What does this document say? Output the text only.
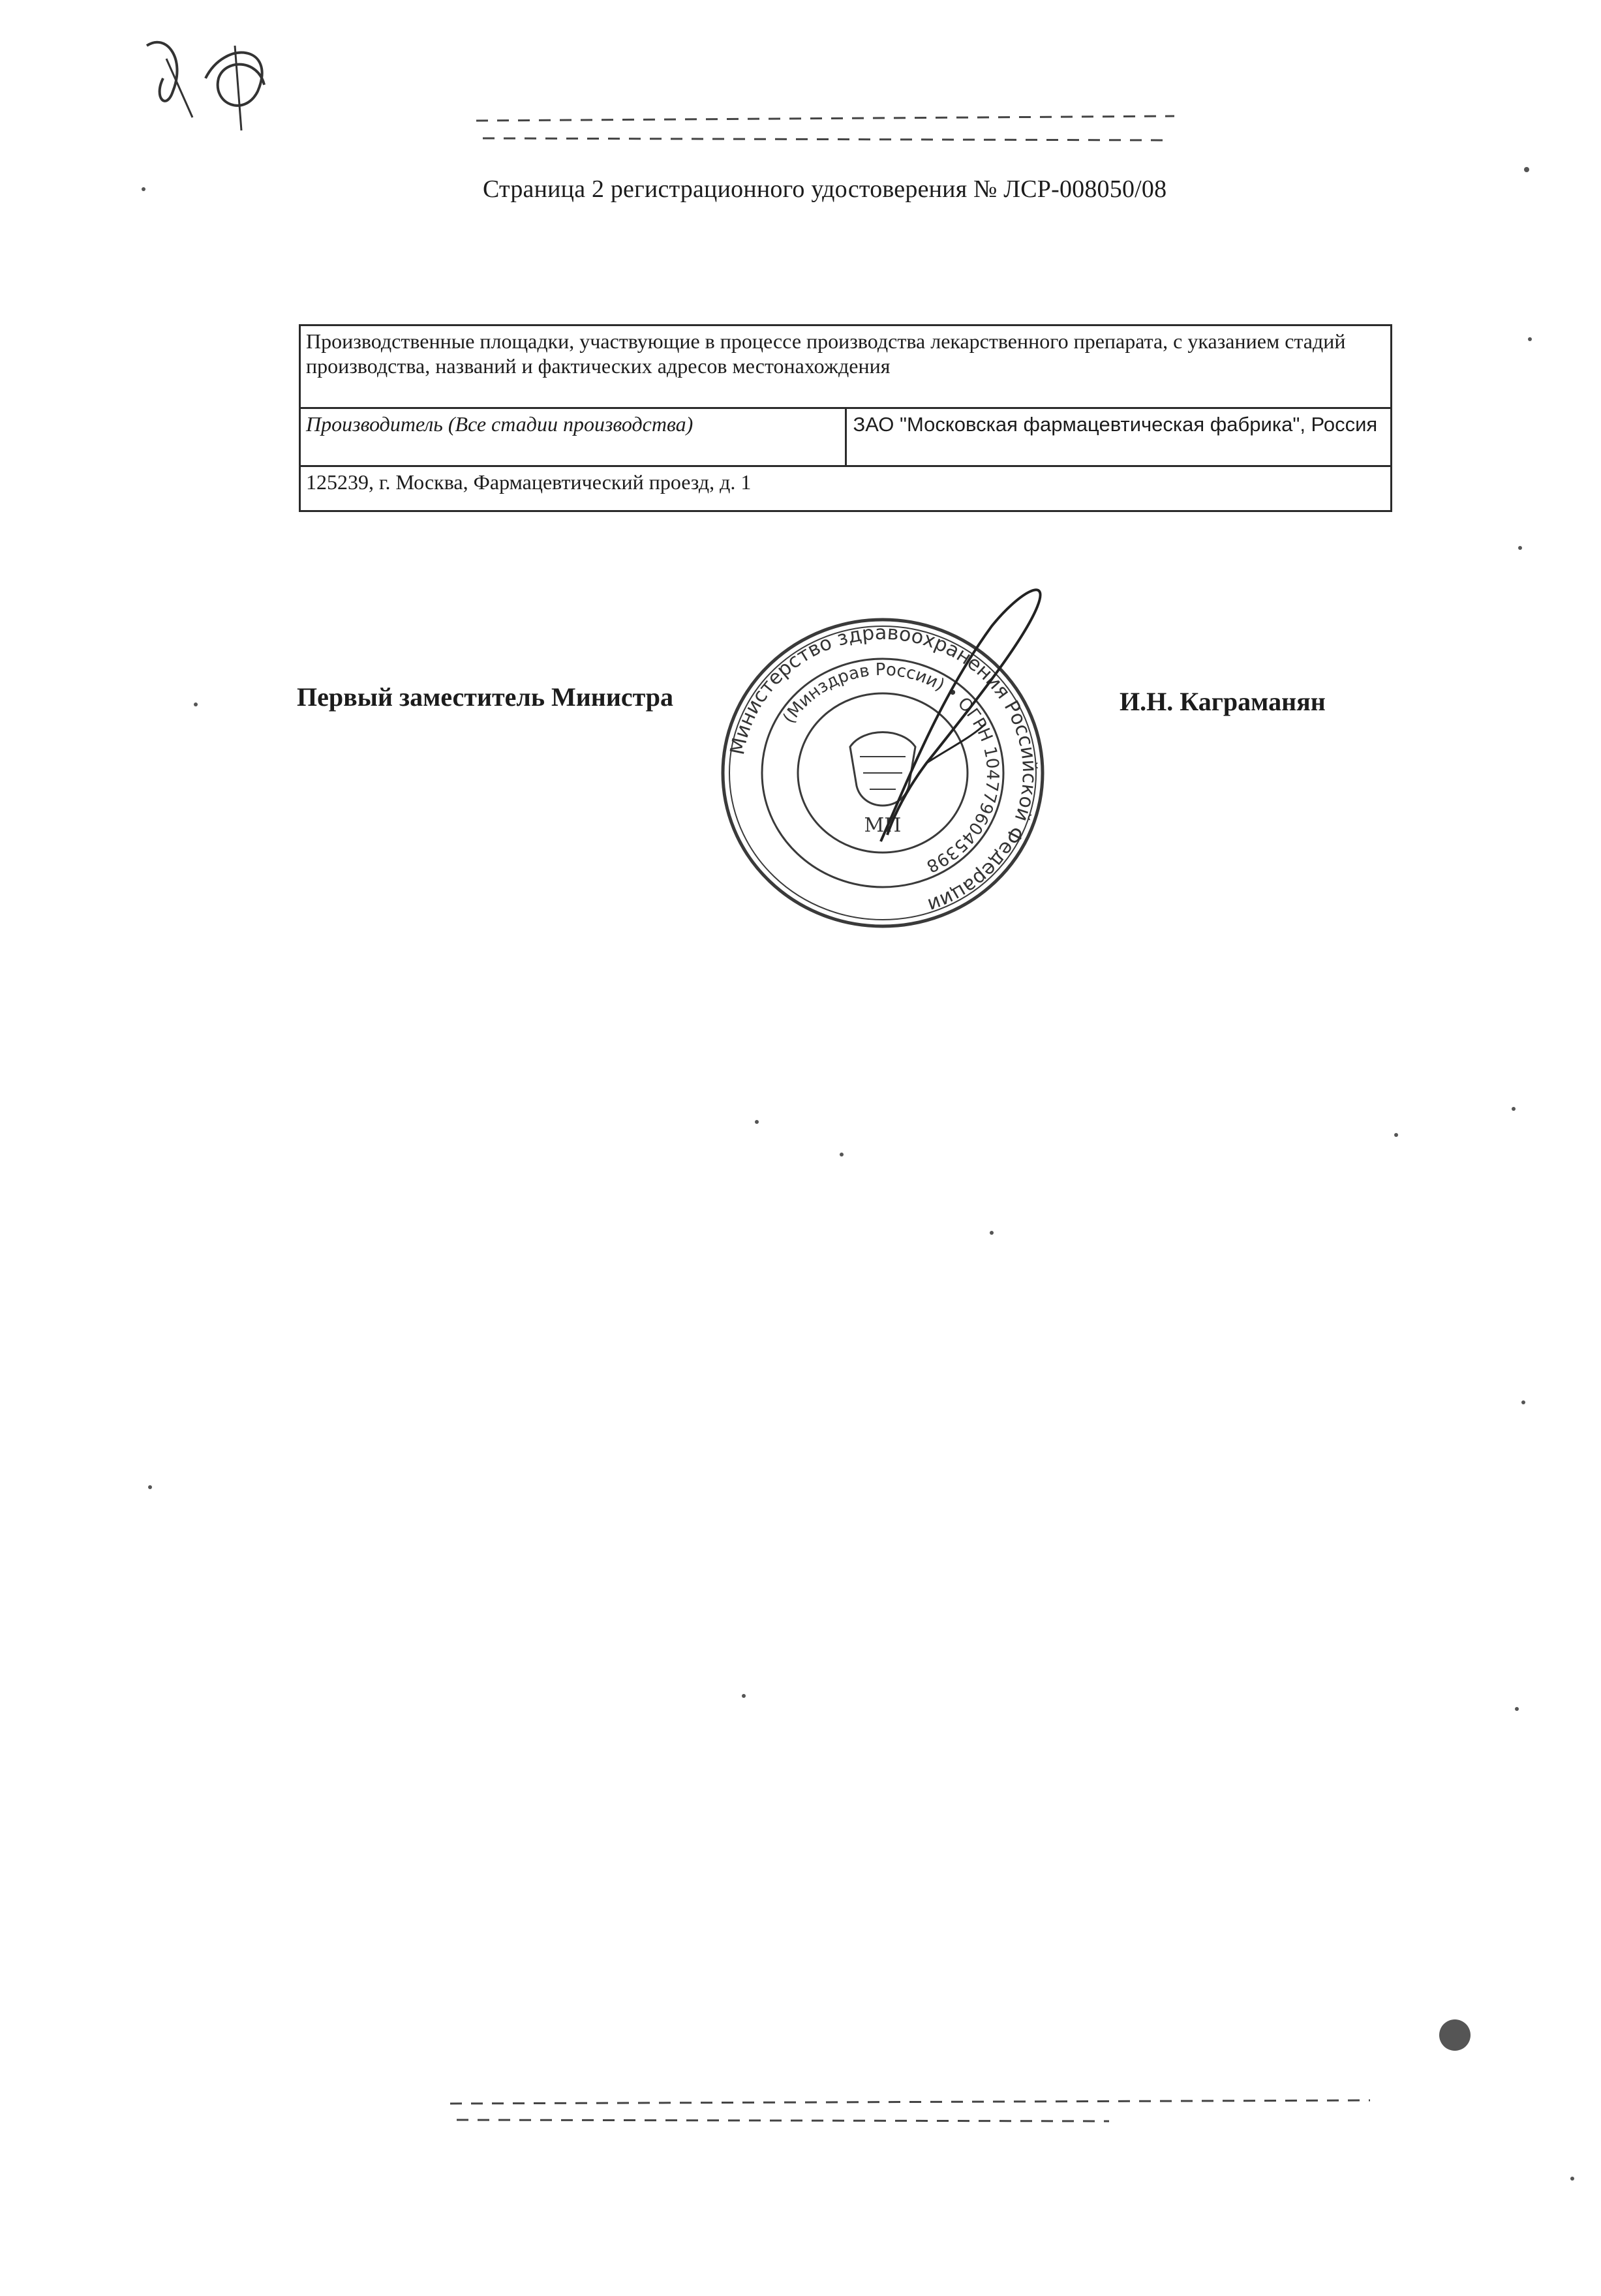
Страница 2 регистрационного удостоверения № ЛСР-008050/08
Производственные площадки, участвующие в процессе производства лекарственного препарата, с указанием стадий производства, названий и фактических адресов местонахождения
Производитель (Все стадии производства)	ЗАО "Московская фармацевтическая фабрика", Россия
125239, г. Москва, Фармацевтический проезд, д. 1
Первый заместитель Министра	И.Н. Каграманян
Министерство здравоохранения Российской Федерации
(Минздрав России) • ОГРН 1047796045398
МП
